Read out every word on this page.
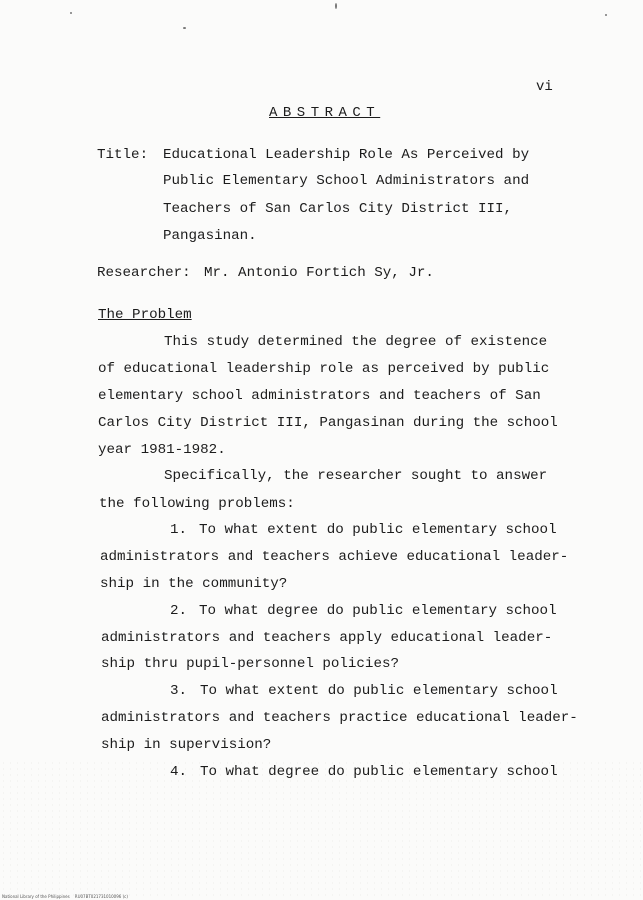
vi
ABSTRACT
Title: Educational Leadership Role As Perceived by
Public Elementary School Administrators and
Teachers of San Carlos City District III,
Pangasinan.
Researcher: Mr. Antonio Fortich Sy, Jr.
The Problem
This study determined the degree of existence
of educational leadership role as perceived by public
elementary school administrators and teachers of San
Carlos City District III, Pangasinan during the school
year 1981-1982.
Specifically, the researcher sought to answer
the following problems:
1. To what extent do public elementary school
administrators and teachers achieve educational leader-
ship in the community?
2. To what degree do public elementary school
administrators and teachers apply educational leader-
ship thru pupil-personnel policies?
3. To what extent do public elementary school
administrators and teachers practice educational leader-
ship in supervision?
4. To what degree do public elementary school
National Library of the Philippines    RU07BT021731010096 (c)
